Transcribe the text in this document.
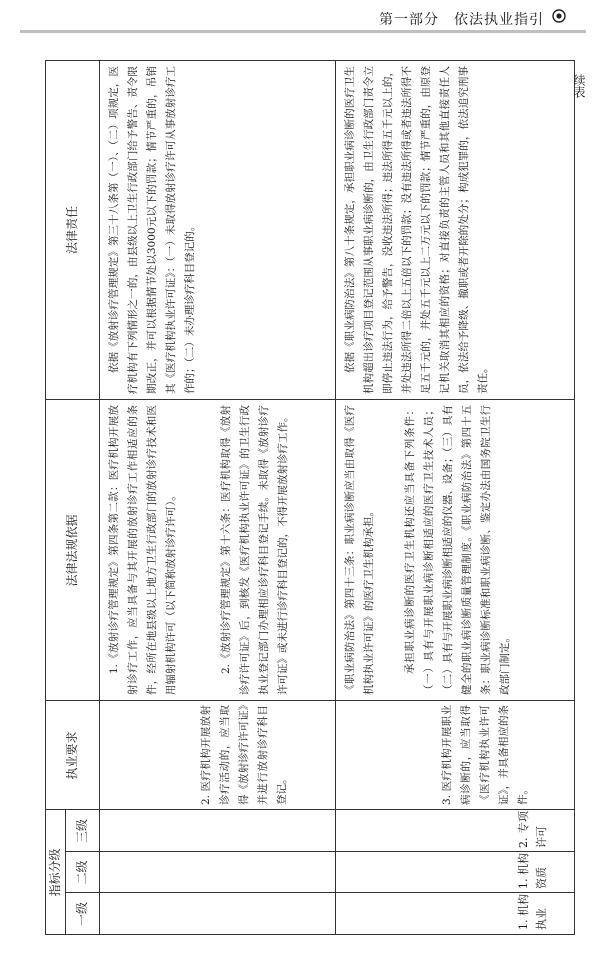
第一部分　依法执业指引
续表
指标分级
一级
二级
三级
执业要求
法律法规依据
法律责任
1. 机构执业
1. 机构资质
2. 专项许可
2. 医疗机构开展放射诊疗活动的，应当取得《放射诊疗许可证》并进行放射诊疗科目登记。
1.《放射诊疗管理规定》第四条第二款：医疗机构开展放射诊疗工作，应当具备与其开展的放射诊疗工作相适应的条件，经所在地县级以上地方卫生行政部门的放射诊疗技术和医用辐射机构许可（以下简称放射诊疗许可）。	2.《放射诊疗管理规定》第十六条：医疗机构取得《放射诊疗许可证》后，到核发《医疗机构执业许可证》的卫生行政执业登记部门办理相应诊疗科目登记手续。未取得《放射诊疗许可证》或未进行诊疗科目登记的，不得开展放射诊疗工作。
依据《放射诊疗管理规定》第三十八条第（一）、（二）项规定，医疗机构有下列情形之一的，由县级以上卫生行政部门给予警告、责令限期改正，并可以根据情节处以3000元以下的罚款；情节严重的，吊销其《医疗机构执业许可证》：（一）未取得放射诊疗许可从事放射诊疗工作的；（二）未办理诊疗科目登记的。
3. 医疗机构开展职业病诊断的，应当取得《医疗机构执业许可证》，并具备相应的条件。
《职业病防治法》第四十三条：职业病诊断应当由取得《医疗机构执业许可证》的医疗卫生机构承担。	承担职业病诊断的医疗卫生机构还应当具备下列条件：（一）具有与开展职业病诊断相适应的医疗卫生技术人员；（二）具有与开展职业病诊断相适应的仪器、设备；（三）具有健全的职业病诊断质量管理制度。《职业病防治法》第四十五条：职业病诊断标准和职业病诊断、鉴定办法由国务院卫生行政部门制定。
依据《职业病防治法》第八十条规定，承担职业病诊断的医疗卫生机构超出诊疗项目登记范围从事职业病诊断的，由卫生行政部门责令立即停止违法行为，给予警告，没收违法所得；违法所得五千元以上的，并处违法所得二倍以上五倍以下的罚款；没有违法所得或者违法所得不足五千元的，并处五千元以上二万元以下的罚款；情节严重的，由原登记机关取消其相应的资格；对直接负责的主管人员和其他直接责任人员，依法给予降级、撤职或者开除的处分；构成犯罪的，依法追究刑事责任。
